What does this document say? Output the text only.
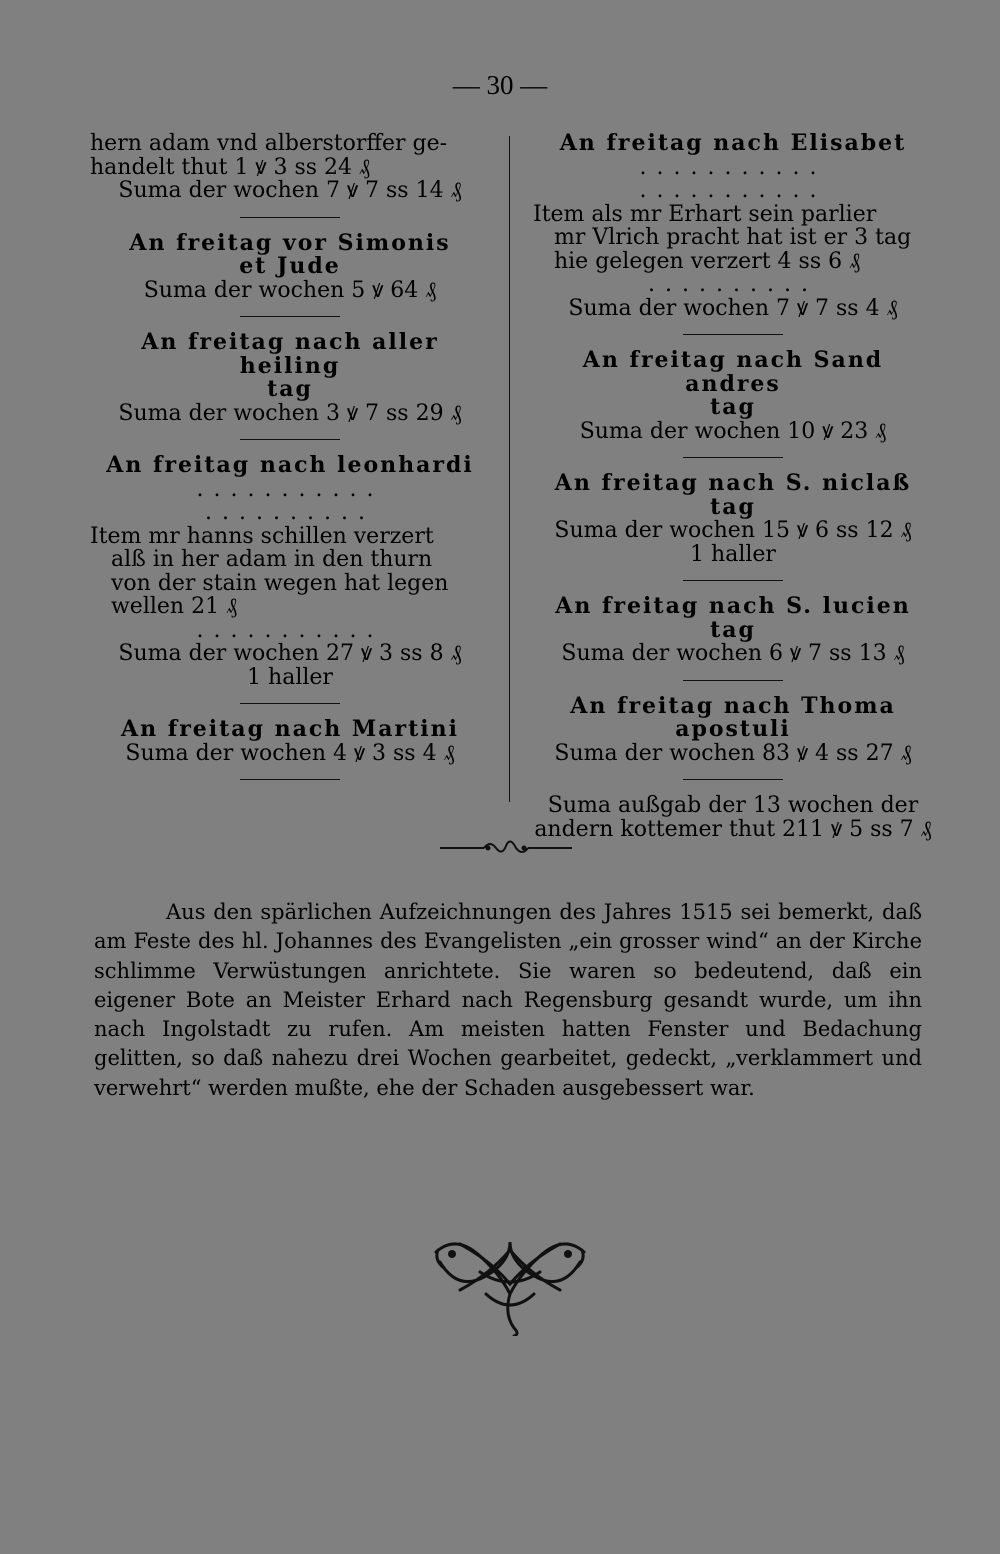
— 30 —
hern adam vnd alberstorffer ge-
handelt thut 1 ꝟ 3 ss 24 ₰
Suma der wochen 7 ꝟ 7 ss 14 ₰
An freitag vor Simonis
et Jude
Suma der wochen 5 ꝟ 64 ₰
An freitag nach aller heiling
tag
Suma der wochen 3 ꝟ 7 ss 29 ₰
An freitag nach leonhardi
...........
..........
Item mr hanns schillen verzert
alß in her adam in den thurn
von der stain wegen hat legen
wellen 21 ₰
...........
Suma der wochen 27 ꝟ 3 ss 8 ₰
1 haller
An freitag nach Martini
Suma der wochen 4 ꝟ 3 ss 4 ₰
An freitag nach Elisabet
...........
...........
Item als mr Erhart sein parlier
mr Vlrich pracht hat ist er 3 tag
hie gelegen verzert 4 ss 6 ₰
..........
Suma der wochen 7 ꝟ 7 ss 4 ₰
An freitag nach Sand andres
tag
Suma der wochen 10 ꝟ 23 ₰
An freitag nach S. niclaß tag
Suma der wochen 15 ꝟ 6 ss 12 ₰
1 haller
An freitag nach S. lucien tag
Suma der wochen 6 ꝟ 7 ss 13 ₰
An freitag nach Thoma
apostuli
Suma der wochen 83 ꝟ 4 ss 27 ₰
Suma außgab der 13 wochen der
andern kottemer thut 211 ꝟ 5 ss 7 ₰

Aus den spärlichen Aufzeichnungen des Jahres 1515 sei bemerkt, daß am Feste des hl. Johannes des Evangelisten „ein grosser wind“ an der Kirche schlimme Verwüstungen anrichtete. Sie waren so bedeutend, daß ein eigener Bote an Meister Erhard nach Regensburg gesandt wurde, um ihn nach Ingolstadt zu rufen. Am meisten hatten Fenster und Bedachung gelitten, so daß nahezu drei Wochen gearbeitet, gedeckt, „verklammert und verwehrt“ werden mußte, ehe der Schaden ausgebessert war.
